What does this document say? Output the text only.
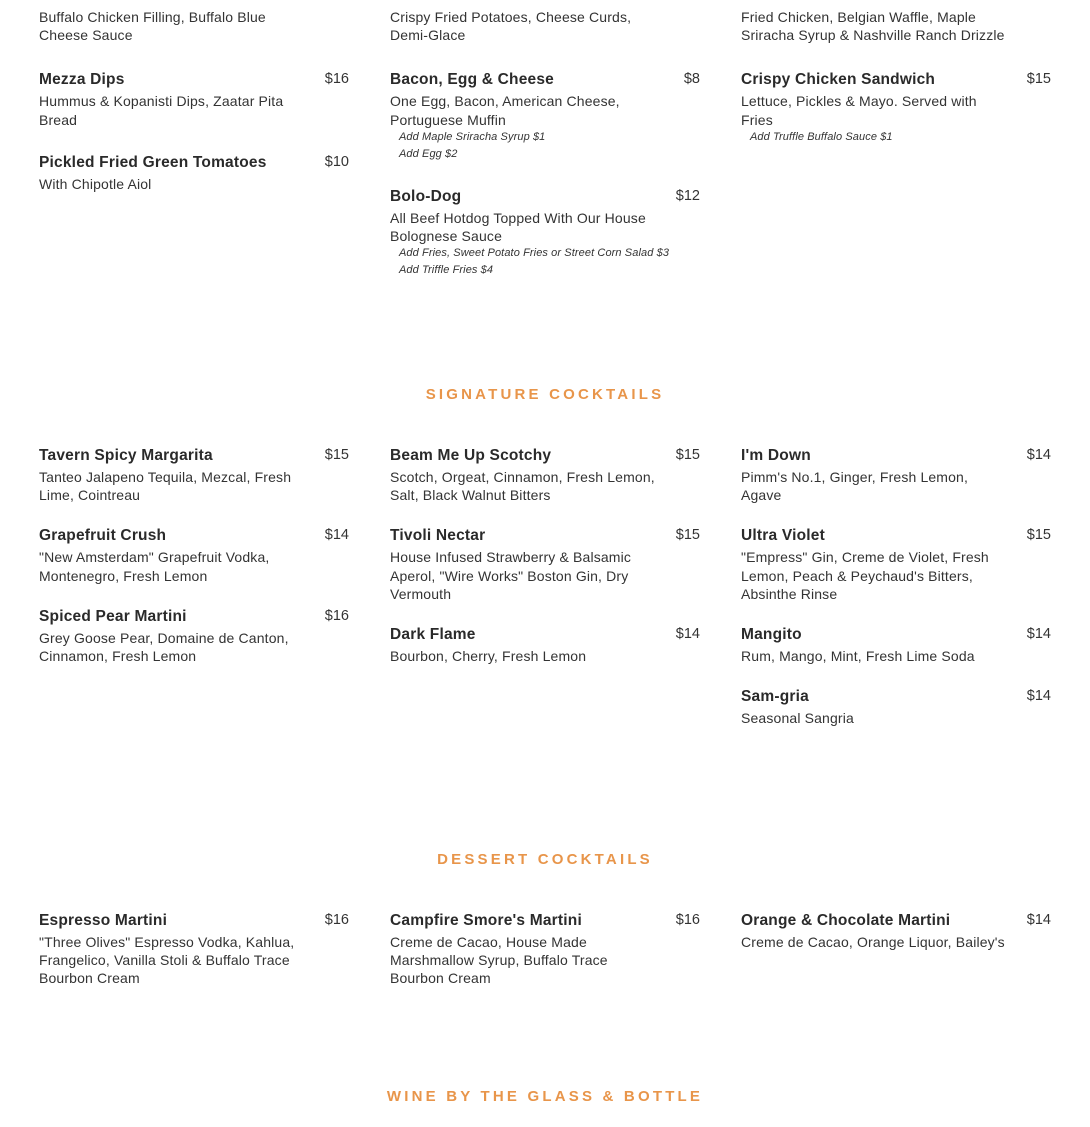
Buffalo Chicken Filling, Buffalo Blue Cheese Sauce
Mezza Dips	$16
Hummus & Kopanisti Dips, Zaatar Pita Bread
Pickled Fried Green Tomatoes	$10
With Chipotle Aiol
Crispy Fried Potatoes, Cheese Curds, Demi-Glace
Bacon, Egg & Cheese	$8
One Egg, Bacon, American Cheese, Portuguese Muffin
Add Maple Sriracha Syrup $1
Add Egg $2
Bolo-Dog	$12
All Beef Hotdog Topped With Our House Bolognese Sauce
Add Fries, Sweet Potato Fries or Street Corn Salad $3
Add Triffle Fries $4
Fried Chicken, Belgian Waffle, Maple Sriracha Syrup & Nashville Ranch Drizzle
Crispy Chicken Sandwich	$15
Lettuce, Pickles & Mayo. Served with Fries
Add Truffle Buffalo Sauce $1
SIGNATURE COCKTAILS
Tavern Spicy Margarita	$15
Tanteo Jalapeno Tequila, Mezcal, Fresh Lime, Cointreau
Grapefruit Crush	$14
"New Amsterdam" Grapefruit Vodka, Montenegro, Fresh Lemon
Spiced Pear Martini	$16
Grey Goose Pear, Domaine de Canton, Cinnamon, Fresh Lemon
Beam Me Up Scotchy	$15
Scotch, Orgeat, Cinnamon, Fresh Lemon, Salt, Black Walnut Bitters
Tivoli Nectar	$15
House Infused Strawberry & Balsamic Aperol, "Wire Works" Boston Gin, Dry Vermouth
Dark Flame	$14
Bourbon, Cherry, Fresh Lemon
I'm Down	$14
Pimm's No.1, Ginger, Fresh Lemon, Agave
Ultra Violet	$15
"Empress" Gin, Creme de Violet, Fresh Lemon, Peach & Peychaud's Bitters, Absinthe Rinse
Mangito	$14
Rum, Mango, Mint, Fresh Lime Soda
Sam-gria	$14
Seasonal Sangria
DESSERT COCKTAILS
Espresso Martini	$16
"Three Olives" Espresso Vodka, Kahlua, Frangelico, Vanilla Stoli & Buffalo Trace Bourbon Cream
Campfire Smore's Martini	$16
Creme de Cacao, House Made Marshmallow Syrup, Buffalo Trace Bourbon Cream
Orange & Chocolate Martini	$14
Creme de Cacao, Orange Liquor, Bailey's
WINE BY THE GLASS & BOTTLE
